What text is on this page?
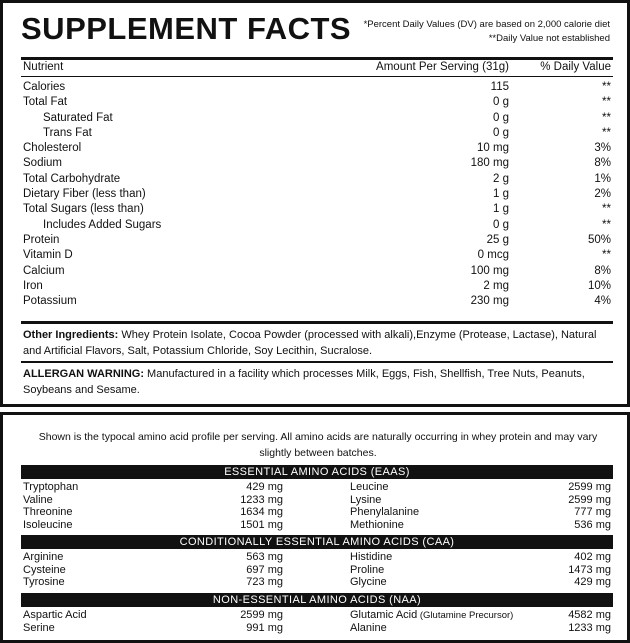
SUPPLEMENT FACTS *Percent Daily Values (DV) are based on 2,000 calorie diet
**Daily Value not established
Nutrient	Amount Per Serving (31g)	% Daily Value
Calories	115	**
Total Fat	0 g	**
Saturated Fat	0 g	**
Trans Fat	0 g	**
Cholesterol	10 mg	3%
Sodium	180 mg	8%
Total Carbohydrate	2 g	1%
Dietary Fiber (less than)	1 g	2%
Total Sugars (less than)	1 g	**
Includes Added Sugars	0 g	**
Protein	25 g	50%
Vitamin D	0 mcg	**
Calcium	100 mg	8%
Iron	2 mg	10%
Potassium	230 mg	4%
Other Ingredients: Whey Protein Isolate, Cocoa Powder (processed with alkali),Enzyme (Protease, Lactase), Natural and Artificial Flavors, Salt, Potassium Chloride, Soy Lecithin, Sucralose.
ALLERGAN WARNING: Manufactured in a facility which processes Milk, Eggs, Fish, Shellfish, Tree Nuts, Peanuts, Soybeans and Sesame.
Shown is the typocal amino acid profile per serving. All amino acids are naturally occurring in whey protein and may vary slightly between batches.
ESSENTIAL AMINO ACIDS (EAAS)
Tryptophan	429 mg	Leucine	2599 mg
Valine	1233 mg	Lysine	2599 mg
Threonine	1634 mg	Phenylalanine	777 mg
Isoleucine	1501 mg	Methionine	536 mg
CONDITIONALLY ESSENTIAL AMINO ACIDS (CAA)
Arginine	563 mg	Histidine	402 mg
Cysteine	697 mg	Proline	1473 mg
Tyrosine	723 mg	Glycine	429 mg
NON-ESSENTIAL AMINO ACIDS (NAA)
Aspartic Acid	2599 mg	Glutamic Acid (Glutamine Precursor)	4582 mg
Serine	991 mg	Alanine	1233 mg
